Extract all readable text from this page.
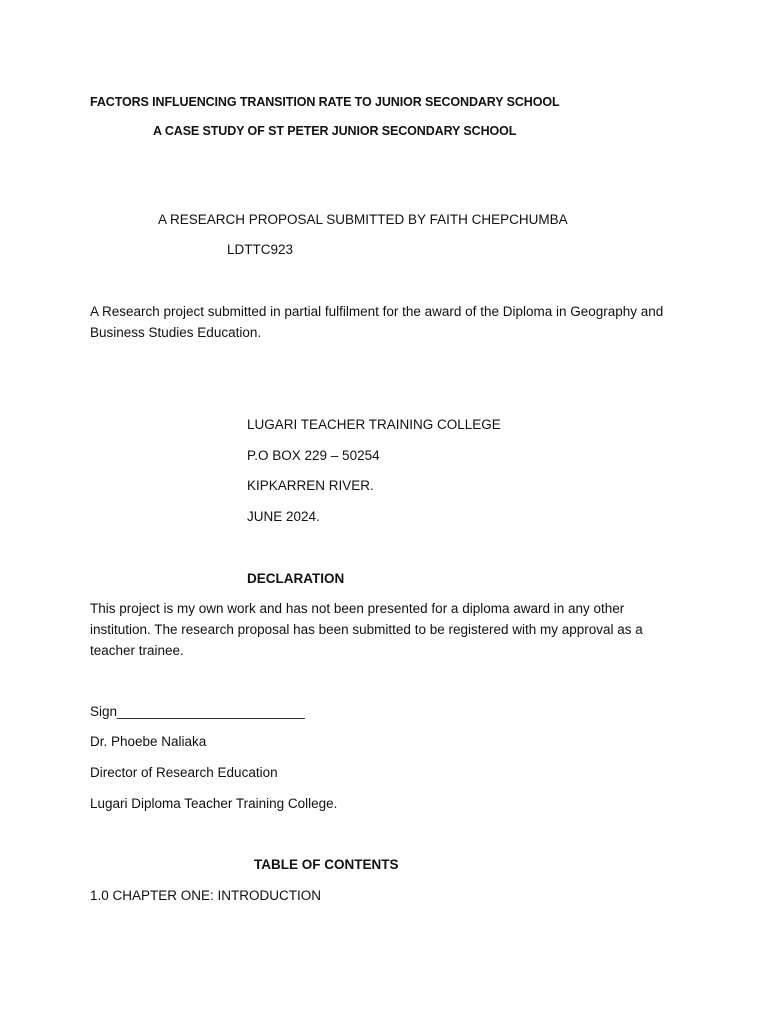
FACTORS INFLUENCING TRANSITION RATE TO JUNIOR SECONDARY SCHOOL
A CASE STUDY OF ST PETER JUNIOR SECONDARY SCHOOL
A RESEARCH PROPOSAL SUBMITTED BY FAITH CHEPCHUMBA
LDTTC923
A Research project submitted in partial fulfilment for the award of the Diploma in Geography and Business Studies Education.
LUGARI TEACHER TRAINING COLLEGE
P.O BOX 229 – 50254
KIPKARREN RIVER.
JUNE 2024.
DECLARATION
This project is my own work and has not been presented for a diploma award in any other institution. The research proposal has been submitted to be registered with my approval as a teacher trainee.
Sign_________________________
Dr. Phoebe Naliaka
Director of Research Education
Lugari Diploma Teacher Training College.
TABLE OF CONTENTS
1.0 CHAPTER ONE: INTRODUCTION
